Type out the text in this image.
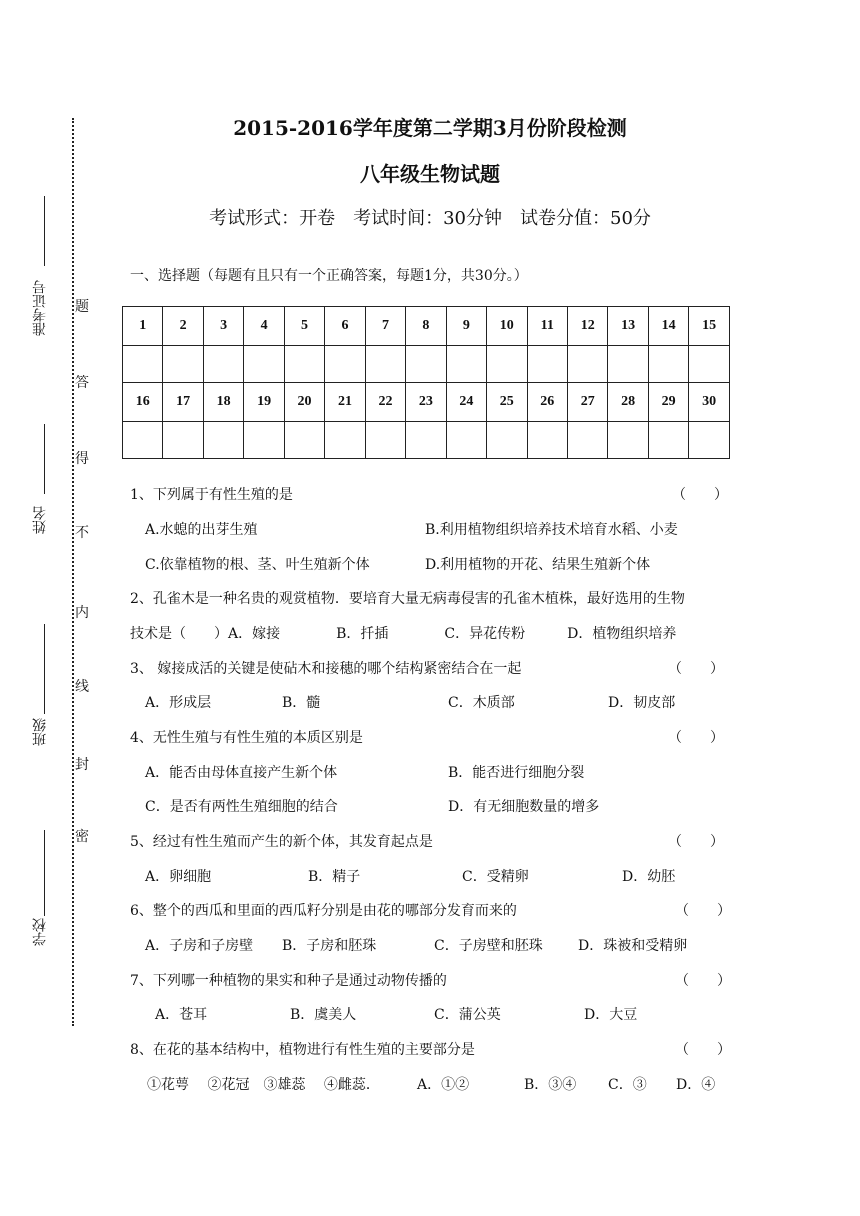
准考证号
姓名
班级
学校
题
答
得
不
内
线
封
密
2015-2016学年度第二学期3月份阶段检测
八年级生物试题
考试形式：开卷　考试时间：30分钟　试卷分值：50分
一、选择题（每题有且只有一个正确答案，每题1分，共30分。）
1	2	3	4	5	6	7	8	9	10	11	12	13	14	15

16	17	18	19	20	21	22	23	24	25	26	27	28	29	30

1、下列属于有性生殖的是	（　　）
A.水螅的出芽生殖	B.利用植物组织培养技术培育水稻、小麦
C.依靠植物的根、茎、叶生殖新个体	D.利用植物的开花、结果生殖新个体
2、孔雀木是一种名贵的观赏植物．要培育大量无病毒侵害的孔雀木植株，最好选用的生物
技术是（　　）A．嫁接　　　　B．扦插　　　　C．异花传粉　　　D．植物组织培养
3、 嫁接成活的关键是使砧木和接穗的哪个结构紧密结合在一起	（　　）
A．形成层	B．髓	C．木质部	D．韧皮部
4、无性生殖与有性生殖的本质区别是	（　　）
A．能否由母体直接产生新个体	B．能否进行细胞分裂
C．是否有两性生殖细胞的结合	D．有无细胞数量的增多
5、经过有性生殖而产生的新个体，其发育起点是	（　　）
A．卵细胞	B．精子	C．受精卵	D．幼胚
6、整个的西瓜和里面的西瓜籽分别是由花的哪部分发育而来的	（　　）
A．子房和子房壁 B．子房和胚珠	C．子房壁和胚珠	D．珠被和受精卵
7、下列哪一种植物的果实和种子是通过动物传播的	（　　）
A．苍耳	B．虞美人	C．蒲公英	D．大豆
8、在花的基本结构中，植物进行有性生殖的主要部分是	（　　）
①花萼　 ②花冠　③雄蕊　 ④雌蕊．	A．①②	B．③④ C．③ D．④
